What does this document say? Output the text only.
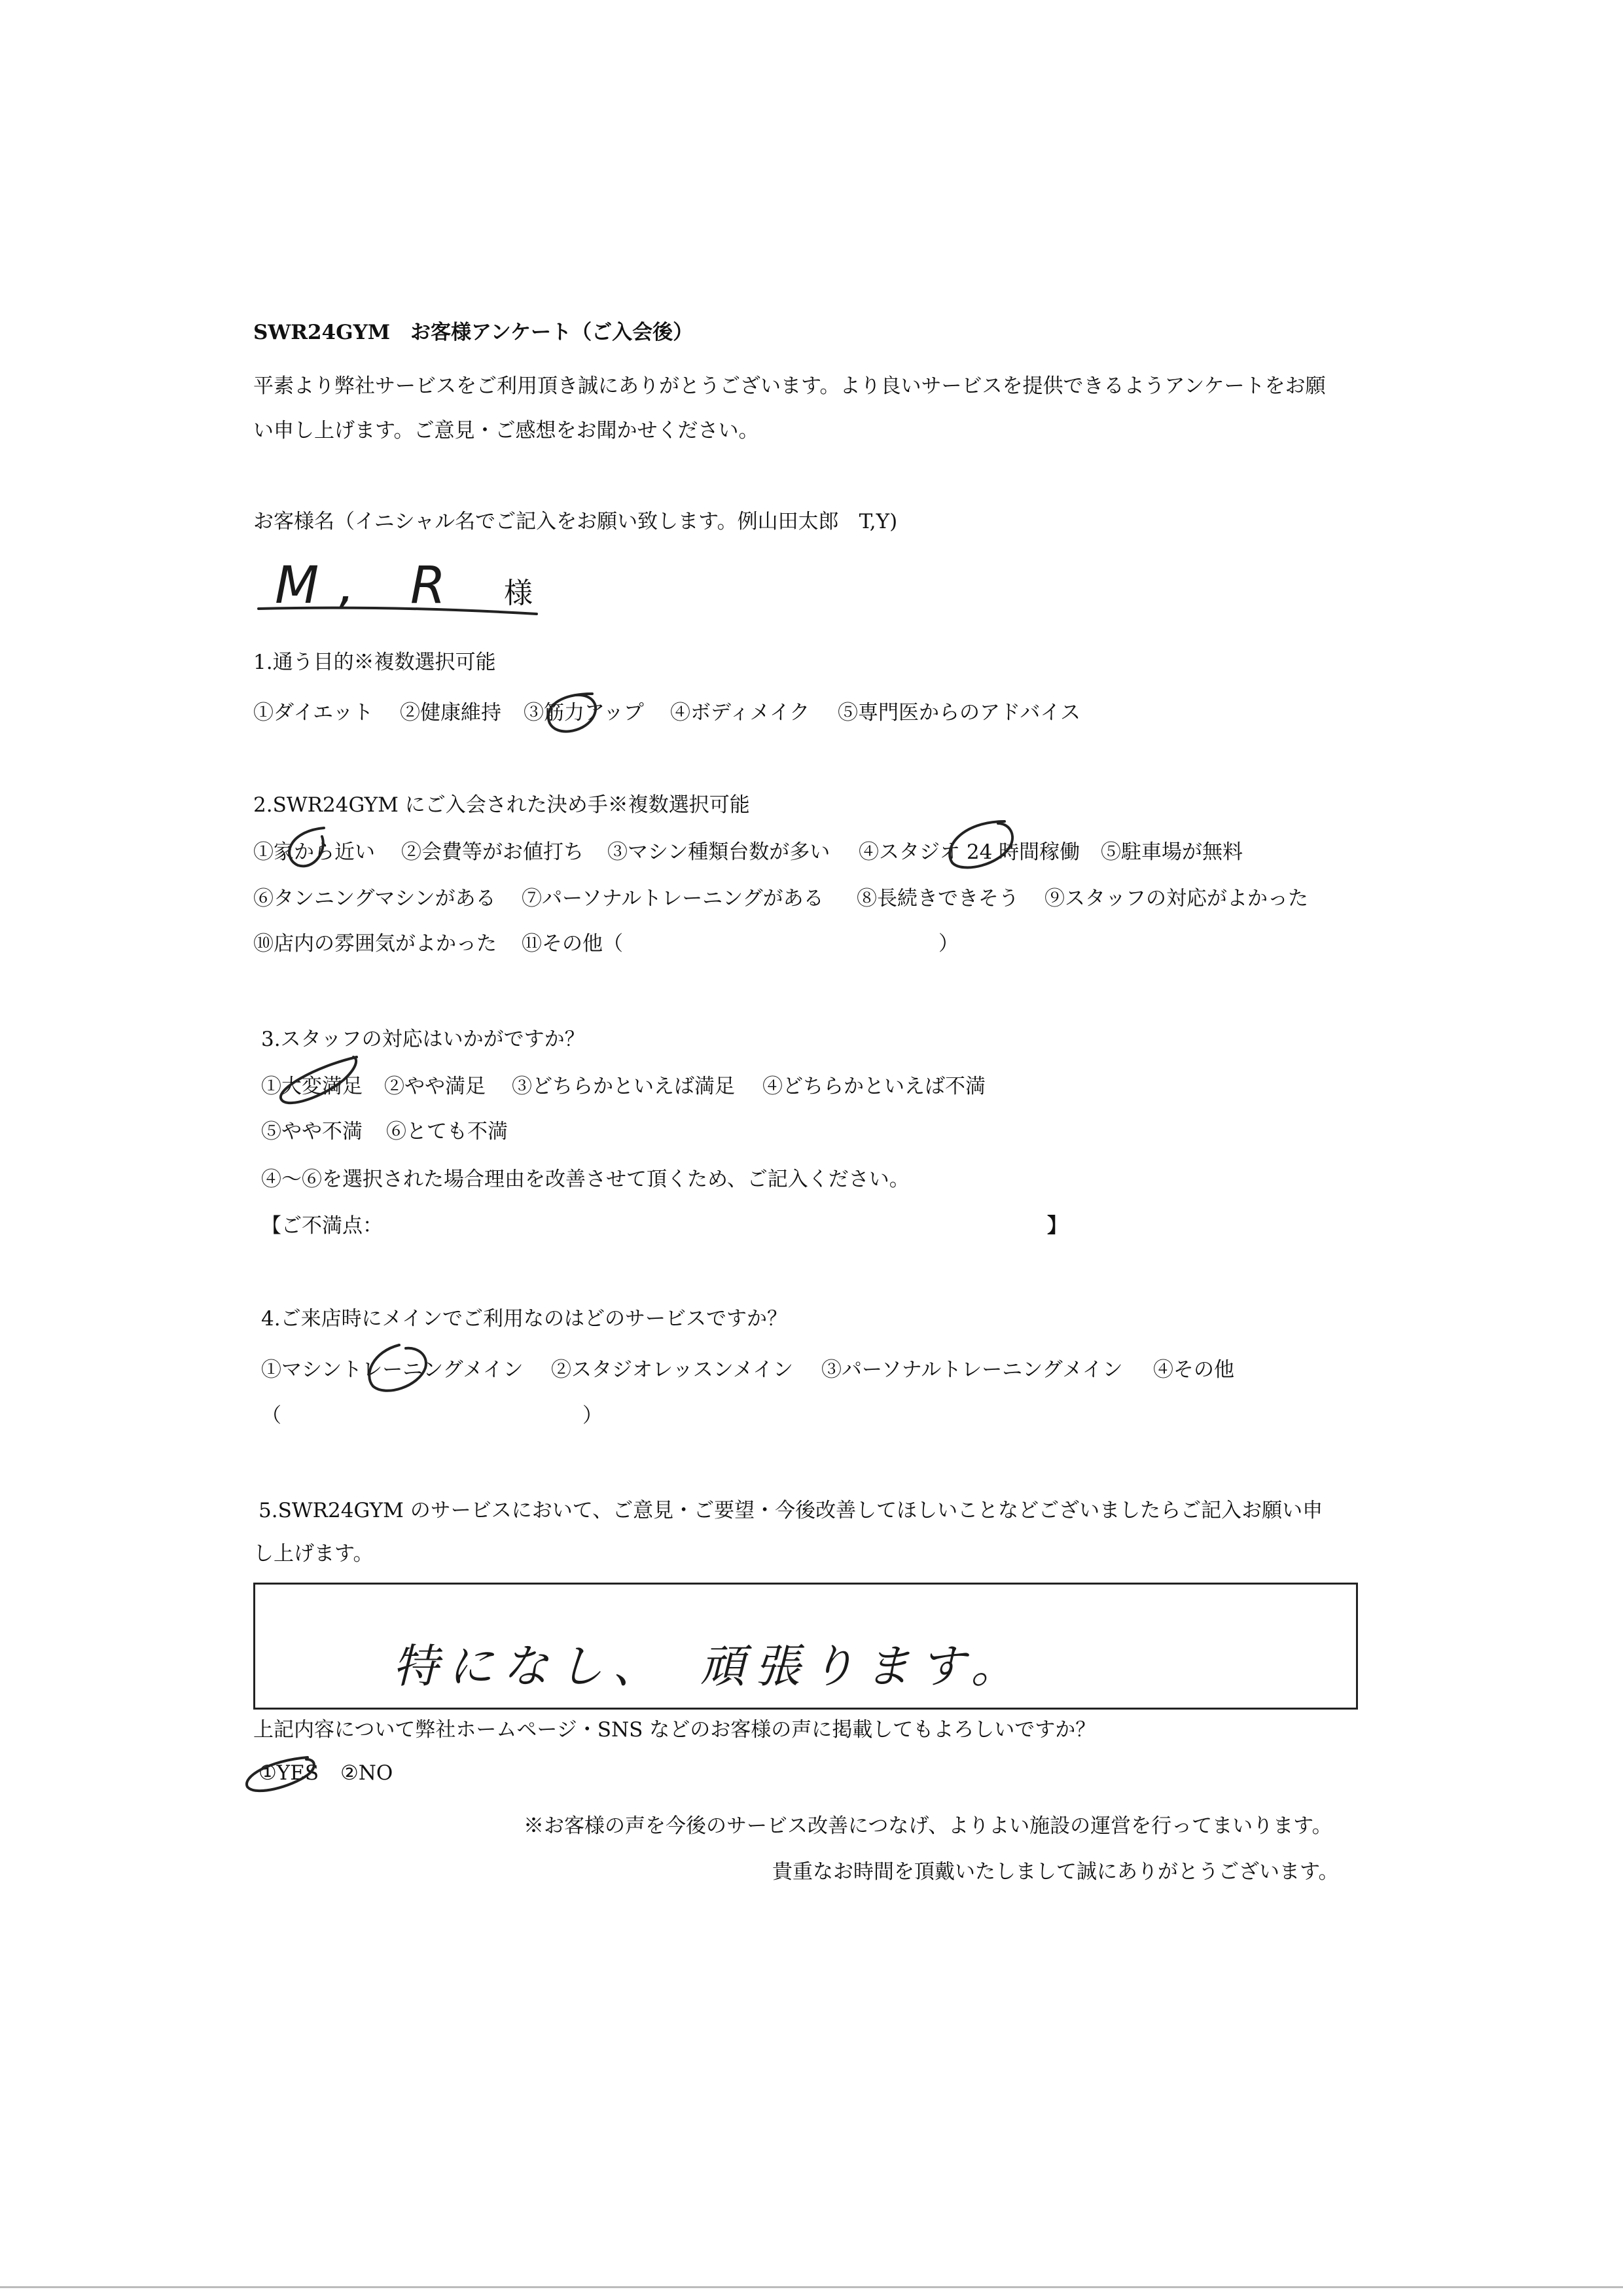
SWR24GYM　お客様アンケート（ご入会後）
平素より弊社サービスをご利用頂き誠にありがとうございます。より良いサービスを提供できるようアンケートをお願
い申し上げます。ご意見・ご感想をお聞かせください。
お客様名（イニシャル名でご記入をお願い致します。例山田太郎　T,Y)
M, R 様
1.通う目的※複数選択可能
①ダイエット ②健康維持 ③筋力アップ ④ボディメイク ⑤専門医からのアドバイス
2.SWR24GYM にご入会された決め手※複数選択可能
①家から近い ②会費等がお値打ち ③マシン種類台数が多い ④スタジオ 24 時間稼働 ⑤駐車場が無料
⑥タンニングマシンがある ⑦パーソナルトレーニングがある ⑧長続きできそう ⑨スタッフの対応がよかった
⑩店内の雰囲気がよかった ⑪その他（	）
3.スタッフの対応はいかがですか？
①大変満足 ②やや満足 ③どちらかといえば満足 ④どちらかといえば不満
⑤やや不満 ⑥とても不満
④～⑥を選択された場合理由を改善させて頂くため、ご記入ください。
【ご不満点：	】
4.ご来店時にメインでご利用なのはどのサービスですか？
①マシントレーニングメイン ②スタジオレッスンメイン ③パーソナルトレーニングメイン ④その他
（	）
5.SWR24GYM のサービスにおいて、ご意見・ご要望・今後改善してほしいことなどございましたらご記入お願い申
し上げます。
特になし、　頑張ります。
上記内容について弊社ホームページ・SNS などのお客様の声に掲載してもよろしいですか？
①YES ②NO
※お客様の声を今後のサービス改善につなげ、よりよい施設の運営を行ってまいります。
貴重なお時間を頂戴いたしまして誠にありがとうございます。
